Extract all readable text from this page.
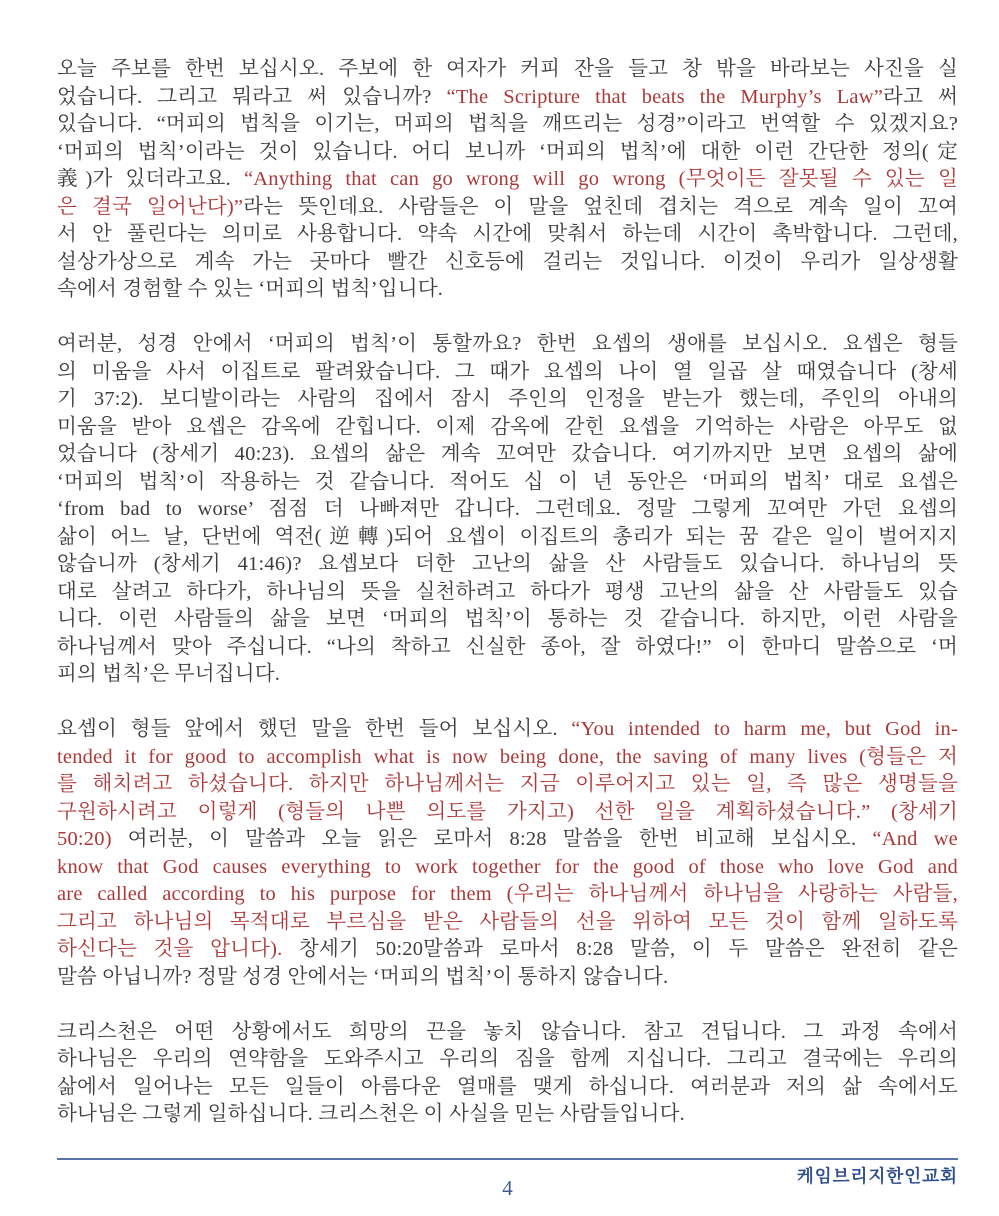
오늘 주보를 한번 보십시오. 주보에 한 여자가 커피 잔을 들고 창 밖을 바라보는 사진을 실
었습니다. 그리고 뭐라고 써 있습니까? “The Scripture that beats the Murphy’s Law”라고 써
있습니다. “머피의 법칙을 이기는, 머피의 법칙을 깨뜨리는 성경”이라고 번역할 수 있겠지요?
‘머피의 법칙’이라는 것이 있습니다. 어디 보니까 ‘머피의 법칙’에 대한 이런 간단한 정의(定
義)가 있더라고요. “Anything that can go wrong will go wrong (무엇이든 잘못될 수 있는 일
은 결국 일어난다)”라는 뜻인데요. 사람들은 이 말을 엎친데 겹치는 격으로 계속 일이 꼬여
서 안 풀린다는 의미로 사용합니다. 약속 시간에 맞춰서 하는데 시간이 촉박합니다. 그런데,
설상가상으로 계속 가는 곳마다 빨간 신호등에 걸리는 것입니다. 이것이 우리가 일상생활
속에서 경험할 수 있는 ‘머피의 법칙’입니다.
여러분, 성경 안에서 ‘머피의 법칙’이 통할까요? 한번 요셉의 생애를 보십시오. 요셉은 형들
의 미움을 사서 이집트로 팔려왔습니다. 그 때가 요셉의 나이 열 일곱 살 때였습니다 (창세
기 37:2). 보디발이라는 사람의 집에서 잠시 주인의 인정을 받는가 했는데, 주인의 아내의
미움을 받아 요셉은 감옥에 갇힙니다. 이제 감옥에 갇힌 요셉을 기억하는 사람은 아무도 없
었습니다 (창세기 40:23). 요셉의 삶은 계속 꼬여만 갔습니다. 여기까지만 보면 요셉의 삶에
‘머피의 법칙’이 작용하는 것 같습니다. 적어도 십 이 년 동안은 ‘머피의 법칙’ 대로 요셉은
‘from bad to worse’ 점점 더 나빠져만 갑니다. 그런데요. 정말 그렇게 꼬여만 가던 요셉의
삶이 어느 날, 단번에 역전(逆轉)되어 요셉이 이집트의 총리가 되는 꿈 같은 일이 벌어지지
않습니까 (창세기 41:46)? 요셉보다 더한 고난의 삶을 산 사람들도 있습니다. 하나님의 뜻
대로 살려고 하다가, 하나님의 뜻을 실천하려고 하다가 평생 고난의 삶을 산 사람들도 있습
니다. 이런 사람들의 삶을 보면 ‘머피의 법칙’이 통하는 것 같습니다. 하지만, 이런 사람을
하나님께서 맞아 주십니다. “나의 착하고 신실한 종아, 잘 하였다!” 이 한마디 말씀으로 ‘머
피의 법칙’은 무너집니다.
요셉이 형들 앞에서 했던 말을 한번 들어 보십시오. “You intended to harm me, but God in-
tended it for good to accomplish what is now being done, the saving of many lives (형들은 저
를 해치려고 하셨습니다. 하지만 하나님께서는 지금 이루어지고 있는 일, 즉 많은 생명들을
구원하시려고 이렇게 (형들의 나쁜 의도를 가지고) 선한 일을 계획하셨습니다.” (창세기
50:20) 여러분, 이 말씀과 오늘 읽은 로마서 8:28 말씀을 한번 비교해 보십시오. “And we
know that God causes everything to work together for the good of those who love God and
are called according to his purpose for them (우리는 하나님께서 하나님을 사랑하는 사람들,
그리고 하나님의 목적대로 부르심을 받은 사람들의 선을 위하여 모든 것이 함께 일하도록
하신다는 것을 압니다). 창세기 50:20말씀과 로마서 8:28 말씀, 이 두 말씀은 완전히 같은
말씀 아닙니까? 정말 성경 안에서는 ‘머피의 법칙’이 통하지 않습니다.
크리스천은 어떤 상황에서도 희망의 끈을 놓치 않습니다. 참고 견딥니다. 그 과정 속에서
하나님은 우리의 연약함을 도와주시고 우리의 짐을 함께 지십니다. 그리고 결국에는 우리의
삶에서 일어나는 모든 일들이 아름다운 열매를 맺게 하십니다. 여러분과 저의 삶 속에서도
하나님은 그렇게 일하십니다. 크리스천은 이 사실을 믿는 사람들입니다.
케임브리지한인교회
4
